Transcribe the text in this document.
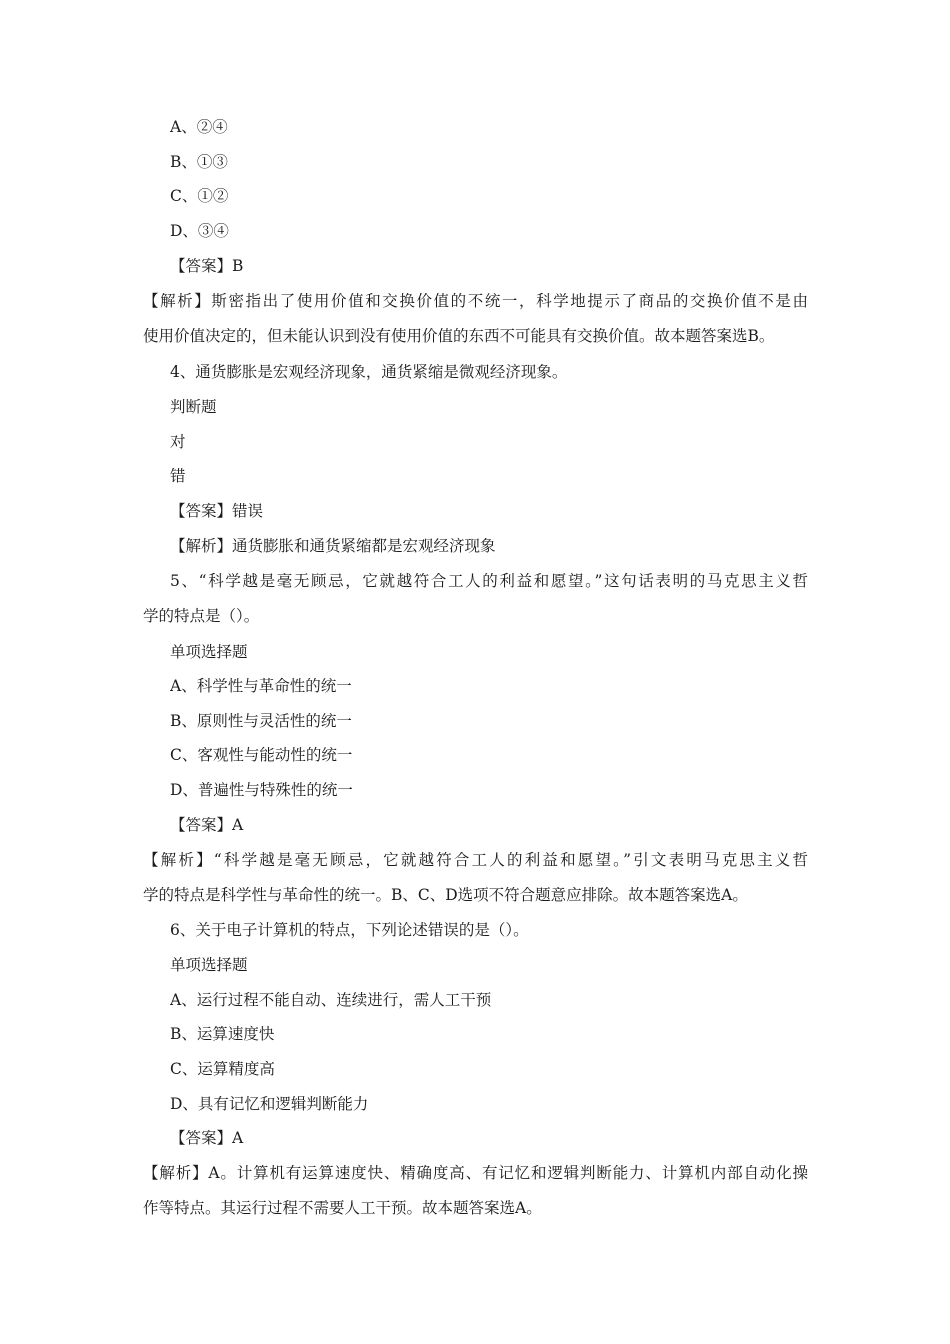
A、②④
B、①③
C、①②
D、③④
【答案】B
【解析】斯密指出了使用价值和交换价值的不统一，科学地提示了商品的交换价值不是由
使用价值决定的，但未能认识到没有使用价值的东西不可能具有交换价值。故本题答案选B。
4、通货膨胀是宏观经济现象，通货紧缩是微观经济现象。
判断题
对
错
【答案】错误
【解析】通货膨胀和通货紧缩都是宏观经济现象
5、“科学越是毫无顾忌，它就越符合工人的利益和愿望。”这句话表明的马克思主义哲
学的特点是（）。
单项选择题
A、科学性与革命性的统一
B、原则性与灵活性的统一
C、客观性与能动性的统一
D、普遍性与特殊性的统一
【答案】A
【解析】“科学越是毫无顾忌，它就越符合工人的利益和愿望。”引文表明马克思主义哲
学的特点是科学性与革命性的统一。B、C、D选项不符合题意应排除。故本题答案选A。
6、关于电子计算机的特点，下列论述错误的是（）。
单项选择题
A、运行过程不能自动、连续进行，需人工干预
B、运算速度快
C、运算精度高
D、具有记忆和逻辑判断能力
【答案】A
【解析】A。计算机有运算速度快、精确度高、有记忆和逻辑判断能力、计算机内部自动化操
作等特点。其运行过程不需要人工干预。故本题答案选A。
